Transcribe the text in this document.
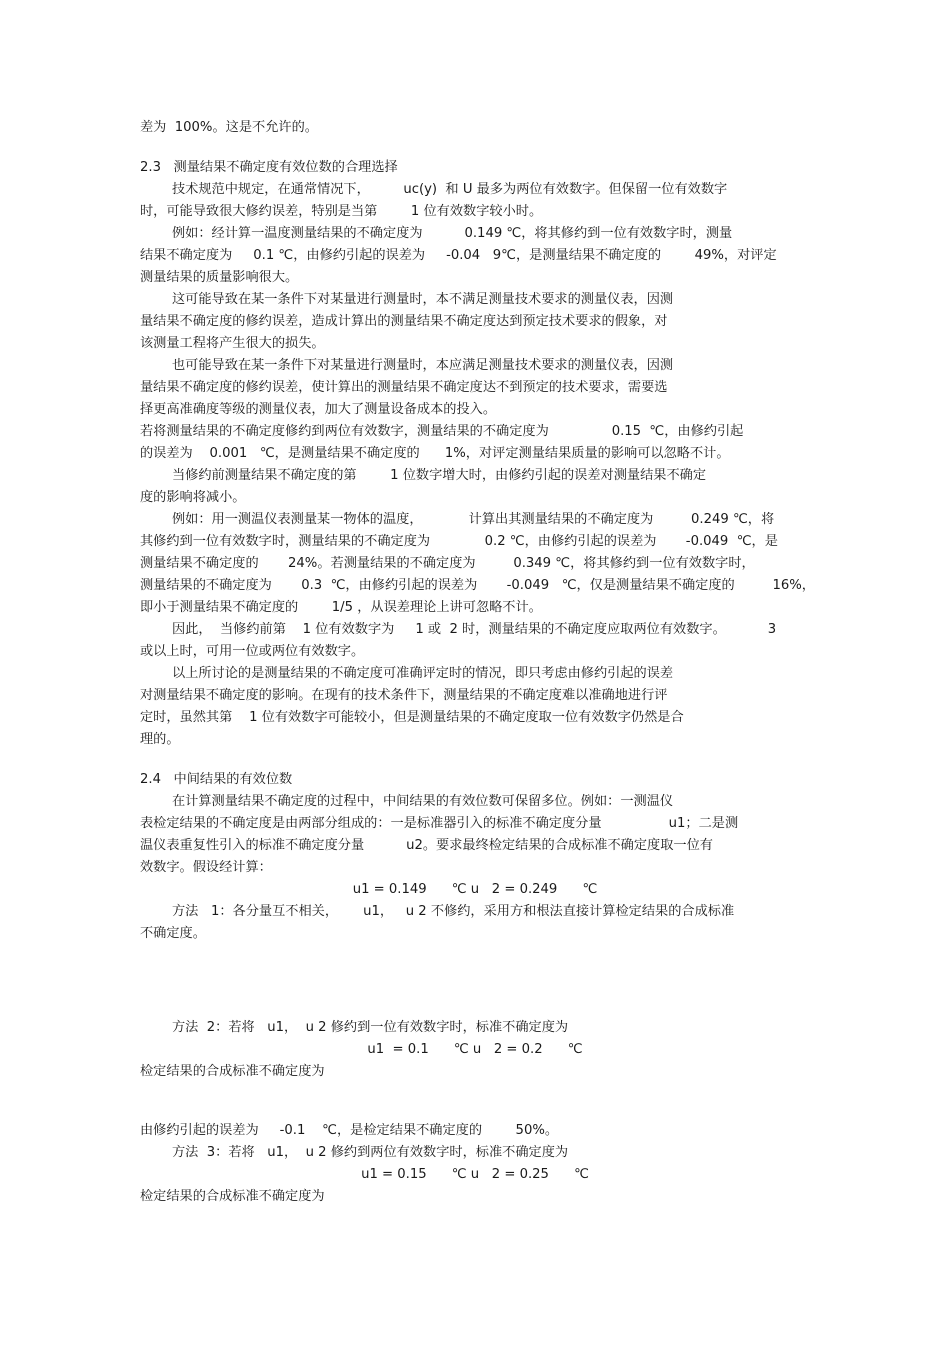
差为  100%。这是不允许的。
2.3   测量结果不确定度有效位数的合理选择
技术规范中规定，在通常情况下，        uc(y)  和 U 最多为两位有效数字。但保留一位有效数字
时，可能导致很大修约误差，特别是当第        1 位有效数字较小时。
例如：经计算一温度测量结果的不确定度为          0.149 ℃，将其修约到一位有效数字时，测量
结果不确定度为     0.1 ℃，由修约引起的误差为     -0.04   9℃，是测量结果不确定度的        49%，对评定
测量结果的质量影响很大。
这可能导致在某一条件下对某量进行测量时，本不满足测量技术要求的测量仪表，因测
量结果不确定度的修约误差，造成计算出的测量结果不确定度达到预定技术要求的假象，对
该测量工程将产生很大的损失。
也可能导致在某一条件下对某量进行测量时，本应满足测量技术要求的测量仪表，因测
量结果不确定度的修约误差，使计算出的测量结果不确定度达不到预定的技术要求，需要选
择更高准确度等级的测量仪表，加大了测量设备成本的投入。
若将测量结果的不确定度修约到两位有效数字，测量结果的不确定度为               0.15  ℃，由修约引起
的误差为    0.001   ℃，是测量结果不确定度的      1%，对评定测量结果质量的影响可以忽略不计。
当修约前测量结果不确定度的第        1 位数字增大时，由修约引起的误差对测量结果不确定
度的影响将减小。
例如：用一测温仪表测量某一物体的温度，           计算出其测量结果的不确定度为         0.249 ℃，将
其修约到一位有效数字时，测量结果的不确定度为             0.2 ℃，由修约引起的误差为       -0.049  ℃，是
测量结果不确定度的       24%。若测量结果的不确定度为         0.349 ℃，将其修约到一位有效数字时，
测量结果的不确定度为       0.3  ℃，由修约引起的误差为       -0.049   ℃，仅是测量结果不确定度的         16%，
即小于测量结果不确定度的        1/5 ，从误差理论上讲可忽略不计。
因此，  当修约前第    1 位有效数字为     1 或  2 时，测量结果的不确定度应取两位有效数字。          3
或以上时，可用一位或两位有效数字。
以上所讨论的是测量结果的不确定度可准确评定时的情况，即只考虑由修约引起的误差
对测量结果不确定度的影响。在现有的技术条件下，测量结果的不确定度难以准确地进行评
定时，虽然其第    1 位有效数字可能较小，但是测量结果的不确定度取一位有效数字仍然是合
理的。
2.4   中间结果的有效位数
在计算测量结果不确定度的过程中，中间结果的有效位数可保留多位。例如：一测温仪
表检定结果的不确定度是由两部分组成的：一是标准器引入的标准不确定度分量                u1；二是测
温仪表重复性引入的标准不确定度分量          u2。要求最终检定结果的合成标准不确定度取一位有
效数字。假设经计算：
u1 = 0.149      ℃ u   2 = 0.249      ℃
方法   1：各分量互不相关，      u1，   u 2 不修约，采用方和根法直接计算检定结果的合成标准
不确定度。
方法  2：若将   u1，  u 2 修约到一位有效数字时，标准不确定度为
u1  = 0.1      ℃ u   2 = 0.2      ℃
检定结果的合成标准不确定度为
由修约引起的误差为     -0.1    ℃，是检定结果不确定度的        50%。
方法  3：若将   u1，  u 2 修约到两位有效数字时，标准不确定度为
u1 = 0.15      ℃ u   2 = 0.25      ℃
检定结果的合成标准不确定度为
